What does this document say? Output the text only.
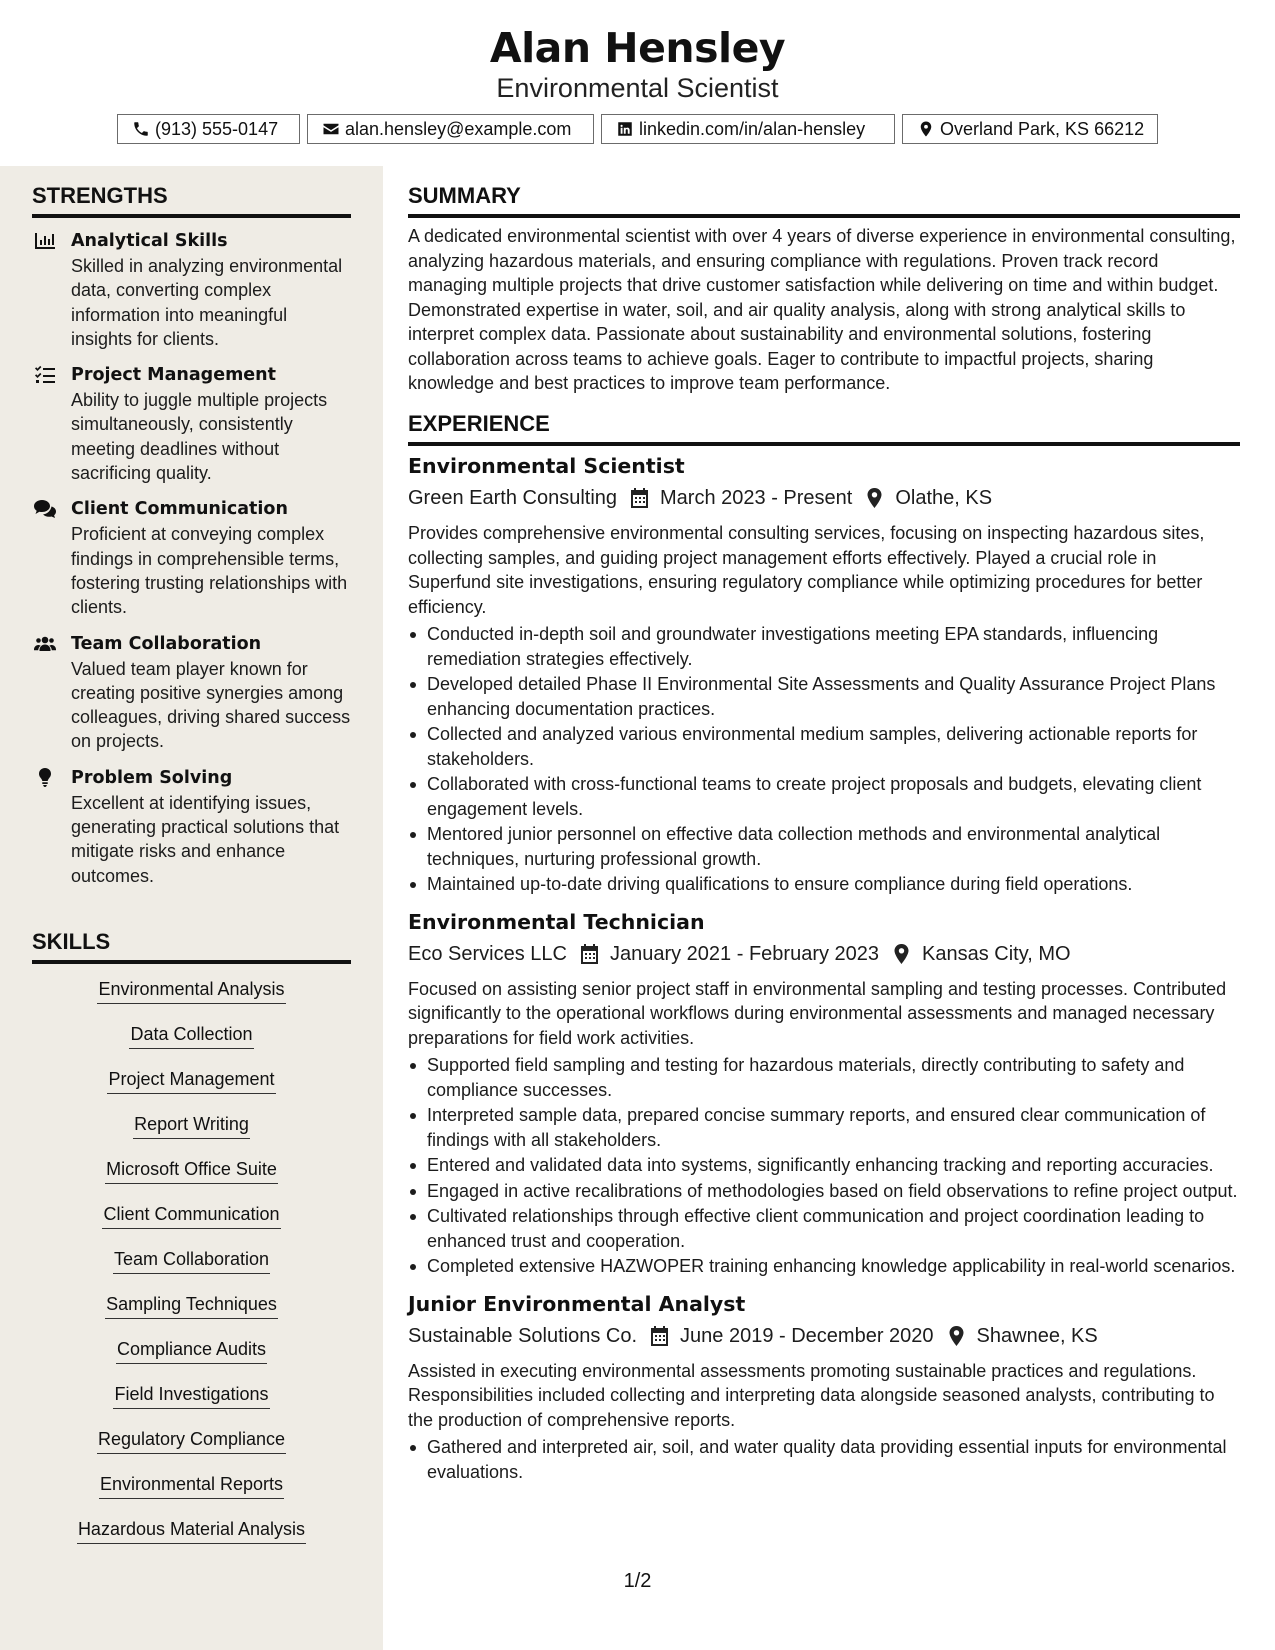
Alan Hensley
Environmental Scientist
(913) 555-0147	alan.hensley@example.com	linkedin.com/in/alan-hensley	Overland Park, KS 66212
STRENGTHS
Analytical Skills
Skilled in analyzing environmental data, converting complex information into meaningful insights for clients.
Project Management
Ability to juggle multiple projects simultaneously, consistently meeting deadlines without sacrificing quality.
Client Communication
Proficient at conveying complex findings in comprehensible terms, fostering trusting relationships with clients.
Team Collaboration
Valued team player known for creating positive synergies among colleagues, driving shared success on projects.
Problem Solving
Excellent at identifying issues, generating practical solutions that mitigate risks and enhance outcomes.
SKILLS
Environmental Analysis
Data Collection
Project Management
Report Writing
Microsoft Office Suite
Client Communication
Team Collaboration
Sampling Techniques
Compliance Audits
Field Investigations
Regulatory Compliance
Environmental Reports
Hazardous Material Analysis
SUMMARY
A dedicated environmental scientist with over 4 years of diverse experience in environmental consulting, analyzing hazardous materials, and ensuring compliance with regulations. Proven track record managing multiple projects that drive customer satisfaction while delivering on time and within budget. Demonstrated expertise in water, soil, and air quality analysis, along with strong analytical skills to interpret complex data. Passionate about sustainability and environmental solutions, fostering collaboration across teams to achieve goals. Eager to contribute to impactful projects, sharing knowledge and best practices to improve team performance.
EXPERIENCE
Environmental Scientist
Green Earth Consulting March 2023 - Present Olathe, KS
Provides comprehensive environmental consulting services, focusing on inspecting hazardous sites, collecting samples, and guiding project management efforts effectively. Played a crucial role in Superfund site investigations, ensuring regulatory compliance while optimizing procedures for better efficiency.
Conducted in-depth soil and groundwater investigations meeting EPA standards, influencing remediation strategies effectively.
Developed detailed Phase II Environmental Site Assessments and Quality Assurance Project Plans enhancing documentation practices.
Collected and analyzed various environmental medium samples, delivering actionable reports for stakeholders.
Collaborated with cross-functional teams to create project proposals and budgets, elevating client engagement levels.
Mentored junior personnel on effective data collection methods and environmental analytical techniques, nurturing professional growth.
Maintained up-to-date driving qualifications to ensure compliance during field operations.
Environmental Technician
Eco Services LLC January 2021 - February 2023 Kansas City, MO
Focused on assisting senior project staff in environmental sampling and testing processes. Contributed significantly to the operational workflows during environmental assessments and managed necessary preparations for field work activities.
Supported field sampling and testing for hazardous materials, directly contributing to safety and compliance successes.
Interpreted sample data, prepared concise summary reports, and ensured clear communication of findings with all stakeholders.
Entered and validated data into systems, significantly enhancing tracking and reporting accuracies.
Engaged in active recalibrations of methodologies based on field observations to refine project output.
Cultivated relationships through effective client communication and project coordination leading to enhanced trust and cooperation.
Completed extensive HAZWOPER training enhancing knowledge applicability in real-world scenarios.
Junior Environmental Analyst
Sustainable Solutions Co. June 2019 - December 2020 Shawnee, KS
Assisted in executing environmental assessments promoting sustainable practices and regulations. Responsibilities included collecting and interpreting data alongside seasoned analysts, contributing to the production of comprehensive reports.
Gathered and interpreted air, soil, and water quality data providing essential inputs for environmental evaluations.
1/2
